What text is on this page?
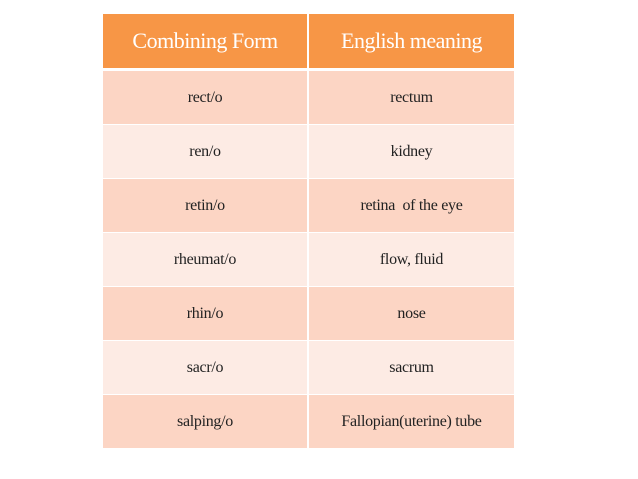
Combining Form	English meaning
rect/o	rectum
ren/o	kidney
retin/o	retina  of the eye
rheumat/o	flow, fluid
rhin/o	nose
sacr/o	sacrum
salping/o	Fallopian(uterine) tube
